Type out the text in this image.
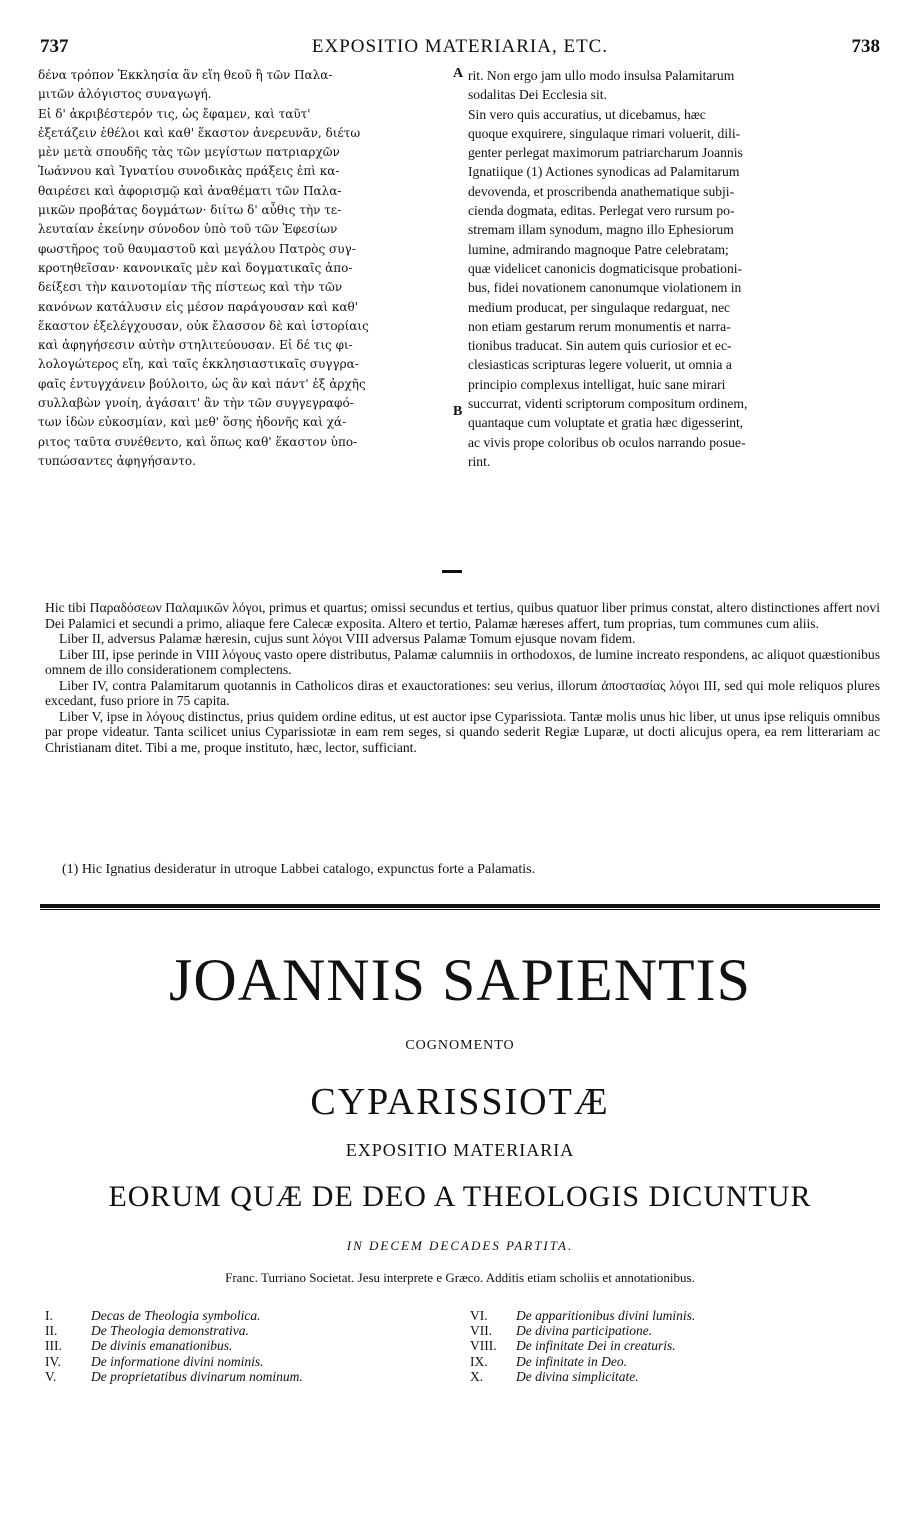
737	EXPOSITIO MATERIARIA, ETC.	738

δένα τρόπον Ἐκκλησία ἂν εἴη θεοῦ ἢ τῶν Παλα-

μιτῶν ἀλόγιστος συναγωγή.

Εἰ δ' ἀκριβέστερόν τις, ὡς ἔφαμεν, καὶ ταῦτ'

ἐξετάζειν ἐθέλοι καὶ καθ' ἕκαστον ἀνερευνᾶν, διέτω

μὲν μετὰ σπουδῆς τὰς τῶν μεγίστων πατριαρχῶν

Ἰωάννου καὶ Ἰγνατίου συνοδικὰς πράξεις ἐπὶ κα-

θαιρέσει καὶ ἀφορισμῷ καὶ ἀναθέματι τῶν Παλα-

μικῶν προβάτας δογμάτων· διίτω δ' αὖθις τὴν τε-

λευταίαν ἐκείνην σύνοδον ὑπὸ τοῦ τῶν Ἐφεσίων

φωστῆρος τοῦ θαυμαστοῦ καὶ μεγάλου Πατρὸς συγ-

κροτηθεῖσαν· κανονικαῖς μὲν καὶ δογματικαῖς ἀπο-

δείξεσι τὴν καινοτομίαν τῆς πίστεως καὶ τὴν τῶν

κανόνων κατάλυσιν εἰς μέσον παράγουσαν καὶ καθ'

ἕκαστον ἐξελέγχουσαν, οὐκ ἔλασσον δὲ καὶ ἱστορίαις

καὶ ἀφηγήσεσιν αὐτὴν στηλιτεύουσαν. Εἰ δέ τις φι-

λολογώτερος εἴη, καὶ ταῖς ἐκκλησιαστικαῖς συγγρα-

φαῖς ἐντυγχάνειν βούλοιτο, ὡς ἂν καὶ πάντ' ἐξ ἀρχῆς

συλλαβὼν γνοίη, ἀγάσαιτ' ἂν τὴν τῶν συγγεγραφό-

των ἰδὼν εὐκοσμίαν, καὶ μεθ' ὅσης ἡδονῆς καὶ χά-

ριτος ταῦτα συνέθεντο, καὶ ὅπως καθ' ἕκαστον ὑπο-

τυπώσαντες ἀφηγήσαντο.

rit. Non ergo jam ullo modo insulsa Palamitarum

sodalitas Dei Ecclesia sit.

Sin vero quis accuratius, ut dicebamus, hæc

quoque exquirere, singulaque rimari voluerit, dili-

genter perlegat maximorum patriarcharum Joannis

Ignatiique (1) Actiones synodicas ad Palamitarum

devovenda, et proscribenda anathematique subji-

cienda dogmata, editas. Perlegat vero rursum po-

stremam illam synodum, magno illo Ephesiorum

lumine, admirando magnoque Patre celebratam;

quæ videlicet canonicis dogmaticisque probationi-

bus, fidei novationem canonumque violationem in

medium producat, per singulaque redarguat, nec

non etiam gestarum rerum monumentis et narra-

tionibus traducat. Sin autem quis curiosior et ec-

clesiasticas scripturas legere voluerit, ut omnia a

principio complexus intelligat, huic sane mirari

succurrat, videnti scriptorum compositum ordinem,

quantaque cum voluptate et gratia hæc digesserint,

ac vivis prope coloribus ob oculos narrando posue-

rint.

A
B

Hic tibi Παραδόσεων Παλαμικῶν λόγοι, primus et quartus; omissi secundus et tertius, quibus quatuor liber primus constat, altero distinctiones affert novi Dei Palamici et secundi a primo, aliaque fere Calecæ exposita. Altero et tertio, Palamæ hæreses affert, tum proprias, tum communes cum aliis.

Liber II, adversus Palamæ hæresin, cujus sunt λόγοι VIII adversus Palamæ Tomum ejusque novam fidem.

Liber III, ipse perinde in VIII λόγους vasto opere distributus, Palamæ calumniis in orthodoxos, de lumine increato respondens, ac aliquot quæstionibus omnem de illo considerationem complectens.

Liber IV, contra Palamitarum quotannis in Catholicos diras et exauctorationes: seu verius, illorum ἀποστασίας λόγοι III, sed qui mole reliquos plures excedant, fuso priore in 75 capita.

Liber V, ipse in λόγους distinctus, prius quidem ordine editus, ut est auctor ipse Cyparissiota. Tantæ molis unus hic liber, ut unus ipse reliquis omnibus par prope videatur. Tanta scilicet unius Cyparissiotæ in eam rem seges, si quando sederit Regiæ Luparæ, ut docti alicujus opera, ea rem litterariam ac Christianam ditet. Tibi a me, proque instituto, hæc, lector, sufficiant.

(1) Hic Ignatius desideratur in utroque Labbei catalogo, expunctus forte a Palamatis.
JOANNIS SAPIENTIS
COGNOMENTO
CYPARISSIOTÆ
EXPOSITIO MATERIARIA
EORUM QUÆ DE DEO A THEOLOGIS DICUNTUR
IN DECEM DECADES PARTITA.
Franc. Turriano Societat. Jesu interprete e Græco. Additis etiam scholiis et annotationibus.
I.	Decas de Theologia symbolica.
II.	De Theologia demonstrativa.
III.	De divinis emanationibus.
IV.	De informatione divini nominis.
V.	De proprietatibus divinarum nominum.
VI.	De apparitionibus divini luminis.
VII.	De divina participatione.
VIII.	De infinitate Dei in creaturis.
IX.	De infinitate in Deo.
X.	De divina simplicitate.
